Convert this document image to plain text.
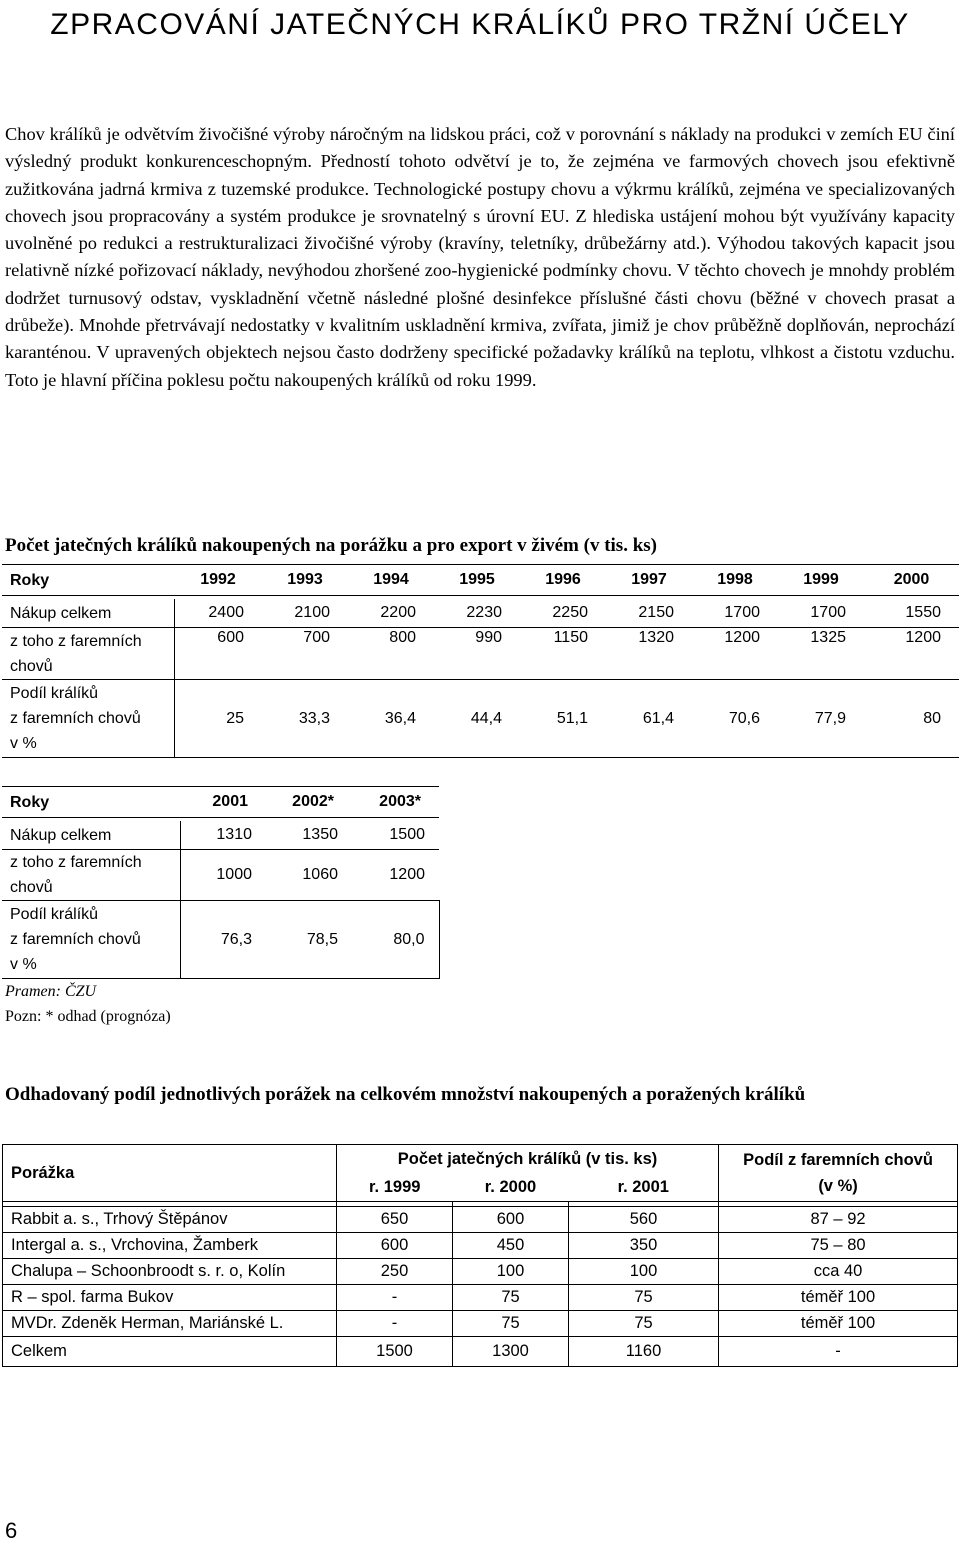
ZPRACOVÁNÍ JATEČNÝCH KRÁLÍKŮ PRO TRŽNÍ ÚČELY

Chov králíků je odvětvím živočišné výroby náročným na lidskou práci, což v porovnání s náklady na produkci v zemích EU činí výsledný produkt konkurenceschopným. Předností tohoto odvětví je to, že zejména ve farmových chovech jsou efektivně zužitkována jadrná krmiva z tuzemské produkce. Technologické postupy chovu a výkrmu králíků, zejména ve specializovaných chovech jsou propracovány a systém produkce je srovnatelný s úrovní EU. Z hlediska ustájení mohou být využívány kapacity uvolněné po redukci a restrukturalizaci živočišné výroby (kravíny, teletníky, drůbežárny atd.). Výhodou takových kapacit jsou relativně nízké pořizovací náklady, nevýhodou zhoršené zoo-hygienické podmínky chovu. V těchto chovech je mnohdy problém dodržet turnusový odstav, vyskladnění včetně následné plošné desinfekce příslušné části chovu (běžné v chovech prasat a drůbeže). Mnohde přetrvávají nedostatky v kvalitním uskladnění krmiva, zvířata, jimiž je chov průběžně doplňován, neprochází karanténou. V upravených objektech nejsou často dodrženy specifické požadavky králíků na teplotu, vlhkost a čistotu vzduchu. Toto je hlavní příčina poklesu počtu nakoupených králíků od roku 1999.

Počet jatečných králíků nakoupených na porážku a pro export v živém (v tis. ks)

Roky	1992	1993	1994	1995	1996	1997	1998	1999	2000

Nákup celkem	2400	2100	2200	2230	2250	2150	1700	1700	1550
z toho z faremních
chovů	600	700	800	990	1150	1320	1200	1325	1200
Podíl králíků
z faremních chovů
v %	25	33,3	36,4	44,4	51,1	61,4	70,6	77,9	80
Roky	2001	2002*	2003*

Nákup celkem	1310	1350	1500
z toho z faremních
chovů	1000	1060	1200
Podíl králíků
z faremních chovů
v %	76,3	78,5	80,0

Pramen: ČZU

Pozn: * odhad (prognóza)

Odhadovaný podíl jednotlivých porážek na celkovém množství nakoupených a poražených králíků

Porážka	Počet jatečných králíků (v tis. ks)			Podíl z faremních chovů
(v %)
	r. 1999	r. 2000	r. 2001	

Rabbit a. s., Trhový Štěpánov	650	600	560	87 – 92
Intergal a. s., Vrchovina, Žamberk	600	450	350	75 – 80
Chalupa – Schoonbroodt s. r. o, Kolín	250	100	100	cca 40
R – spol. farma Bukov	-	75	75	téměř 100
MVDr. Zdeněk Herman, Mariánské L.	-	75	75	téměř 100
Celkem	1500	1300	1160	-

6
